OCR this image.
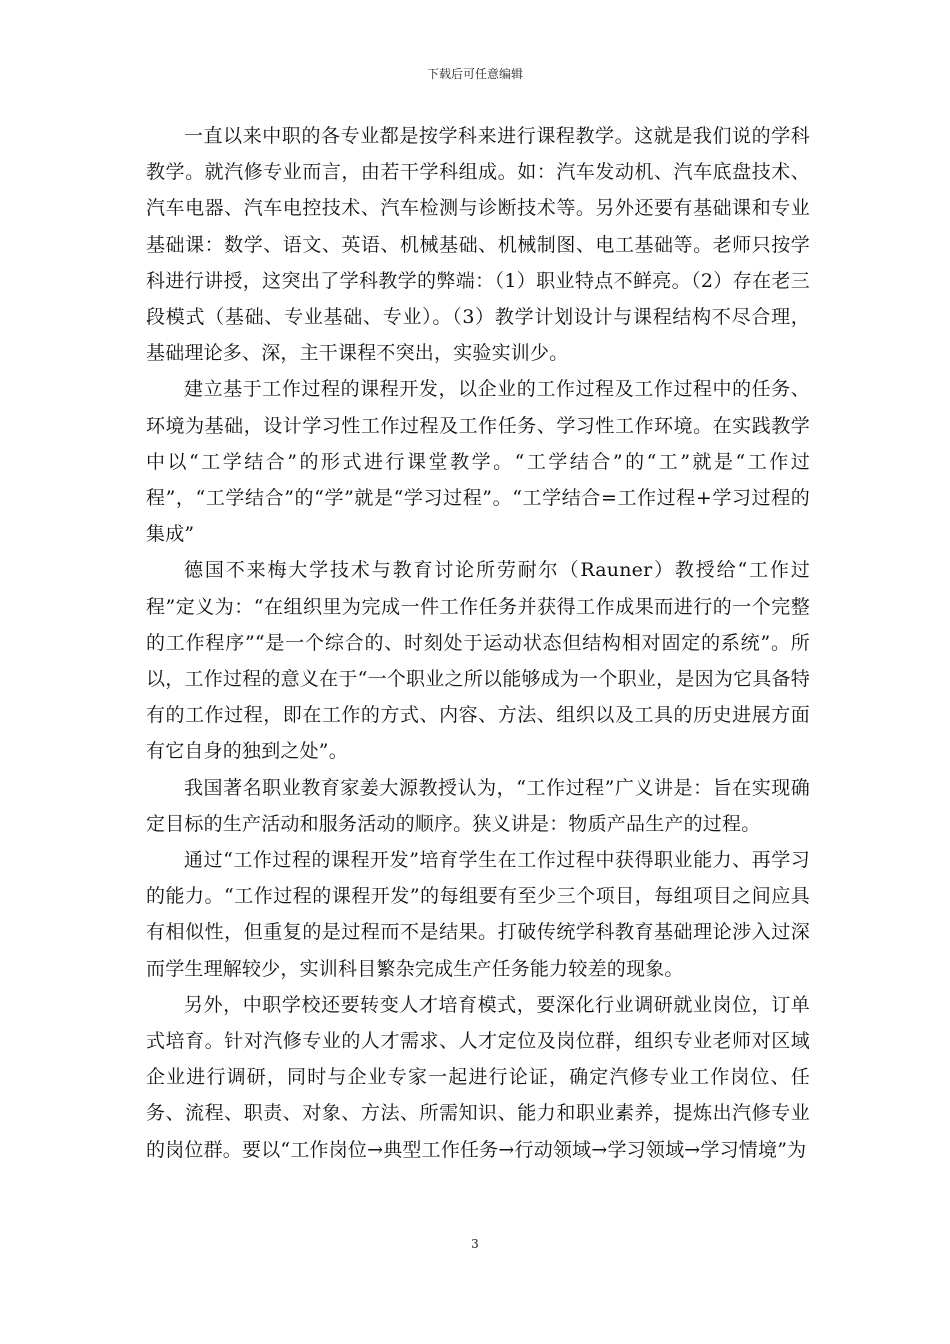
下载后可任意编辑

一直以来中职的各专业都是按学科来进行课程教学。这就是我们说的学科教学。就汽修专业而言，由若干学科组成。如：汽车发动机、汽车底盘技术、汽车电器、汽车电控技术、汽车检测与诊断技术等。另外还要有基础课和专业基础课：数学、语文、英语、机械基础、机械制图、电工基础等。老师只按学科进行讲授，这突出了学科教学的弊端：（1）职业特点不鲜亮。（2）存在老三段模式（基础、专业基础、专业）。（3）教学计划设计与课程结构不尽合理，基础理论多、深，主干课程不突出，实验实训少。

建立基于工作过程的课程开发，以企业的工作过程及工作过程中的任务、环境为基础，设计学习性工作过程及工作任务、学习性工作环境。在实践教学中以“工学结合”的形式进行课堂教学。“工学结合”的“工”就是“工作过程”，“工学结合”的“学”就是“学习过程”。“工学结合=工作过程+学习过程的集成”

德国不来梅大学技术与教育讨论所劳耐尔（Rauner）教授给“工作过程”定义为：“在组织里为完成一件工作任务并获得工作成果而进行的一个完整的工作程序”“是一个综合的、时刻处于运动状态但结构相对固定的系统”。所以，工作过程的意义在于“一个职业之所以能够成为一个职业，是因为它具备特有的工作过程，即在工作的方式、内容、方法、组织以及工具的历史进展方面有它自身的独到之处”。

我国著名职业教育家姜大源教授认为，“工作过程”广义讲是：旨在实现确定目标的生产活动和服务活动的顺序。狭义讲是：物质产品生产的过程。

通过“工作过程的课程开发”培育学生在工作过程中获得职业能力、再学习的能力。“工作过程的课程开发”的每组要有至少三个项目，每组项目之间应具有相似性，但重复的是过程而不是结果。打破传统学科教育基础理论涉入过深而学生理解较少，实训科目繁杂完成生产任务能力较差的现象。

另外，中职学校还要转变人才培育模式，要深化行业调研就业岗位，订单式培育。针对汽修专业的人才需求、人才定位及岗位群，组织专业老师对区域企业进行调研，同时与企业专家一起进行论证，确定汽修专业工作岗位、任务、流程、职责、对象、方法、所需知识、能力和职业素养，提炼出汽修专业的岗位群。要以“工作岗位→典型工作任务→行动领域→学习领域→学习情境”为

3
